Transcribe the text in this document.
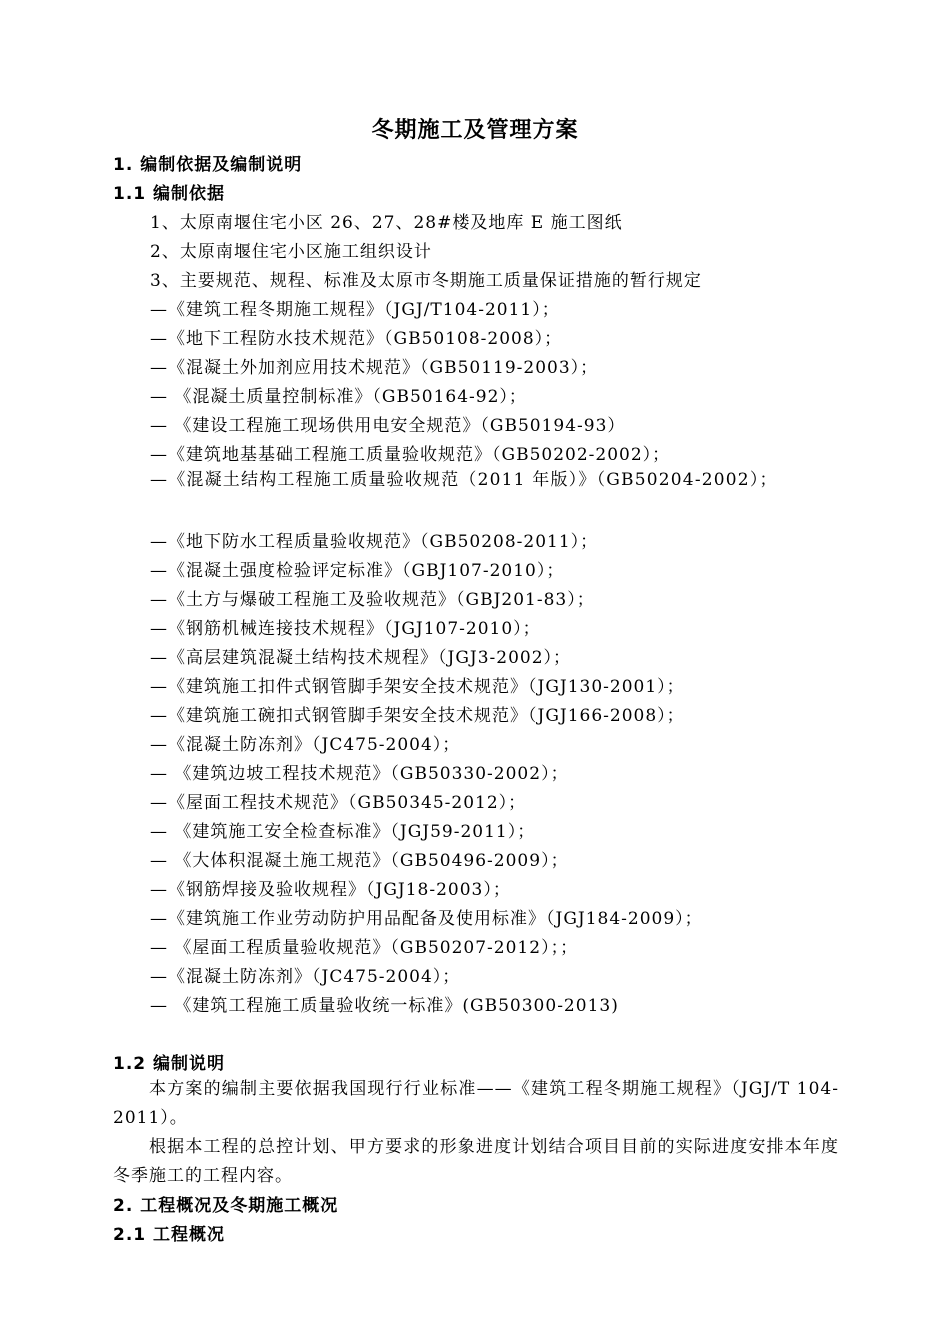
冬期施工及管理方案
1. 编制依据及编制说明
1.1 编制依据
1、太原南堰住宅小区 26、27、28#楼及地库 E 施工图纸
2、太原南堰住宅小区施工组织设计
3、主要规范、规程、标准及太原市冬期施工质量保证措施的暂行规定
—《建筑工程冬期施工规程》（JGJ/T104-2011）；
—《地下工程防水技术规范》（GB50108-2008）；
—《混凝土外加剂应用技术规范》（GB50119-2003）；
— 《混凝土质量控制标准》（GB50164-92）；
— 《建设工程施工现场供用电安全规范》（GB50194-93）
—《建筑地基基础工程施工质量验收规范》（GB50202-2002）；
—《混凝土结构工程施工质量验收规范（2011 年版）》（GB50204-2002）；
—《地下防水工程质量验收规范》（GB50208-2011）；
—《混凝土强度检验评定标准》（GBJ107-2010）；
—《土方与爆破工程施工及验收规范》（GBJ201-83）；
—《钢筋机械连接技术规程》（JGJ107-2010）；
—《高层建筑混凝土结构技术规程》（JGJ3-2002）；
—《建筑施工扣件式钢管脚手架安全技术规范》（JGJ130-2001）；
—《建筑施工碗扣式钢管脚手架安全技术规范》（JGJ166-2008）；
—《混凝土防冻剂》（JC475-2004）；
— 《建筑边坡工程技术规范》（GB50330-2002）；
—《屋面工程技术规范》（GB50345-2012）；
— 《建筑施工安全检查标准》（JGJ59-2011）；
— 《大体积混凝土施工规范》（GB50496-2009）；
—《钢筋焊接及验收规程》（JGJ18-2003）；
—《建筑施工作业劳动防护用品配备及使用标准》（JGJ184-2009）；
— 《屋面工程质量验收规范》（GB50207-2012）；；
—《混凝土防冻剂》（JC475-2004）；
— 《建筑工程施工质量验收统一标准》(GB50300-2013)
1.2 编制说明
本方案的编制主要依据我国现行行业标准——《建筑工程冬期施工规程》（JGJ/T 104-2011）。
根据本工程的总控计划、甲方要求的形象进度计划结合项目目前的实际进度安排本年度冬季施工的工程内容。
2. 工程概况及冬期施工概况
2.1 工程概况
